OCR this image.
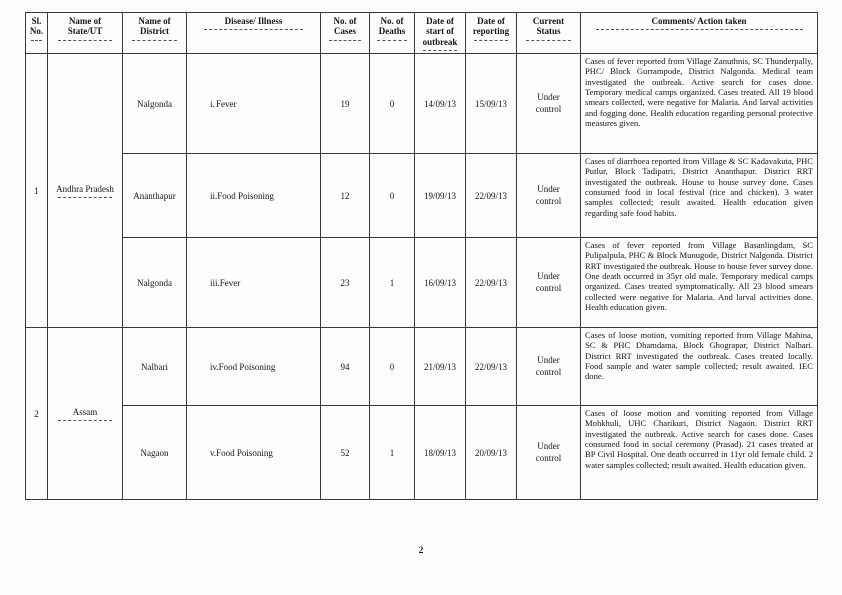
Sl. No.	Name of State/UT	Name of District	Disease/ Illness	No. of Cases	No. of Deaths	Date of start of outbreak	Date of reporting	Current Status	Comments/ Action taken

1	Andhra Pradesh	Nalgonda	i. Fever	19	0	14/09/13	15/09/13	Under control	Cases of fever reported from Village Zanuthnis, SC Thunderpally, PHC/ Block Gurrampode, District Nalgonda. Medical team investigated the outbreak. Active search for cases done. Temporary medical camps organized. Cases treated. All 19 blood smears collected, were negative for Malaria. And larval activities and fogging done. Health education regarding personal protective measures given.
		Ananthapur	ii. Food Poisoning	12	0	19/09/13	22/09/13	Under control	Cases of diarrhoea reported from Village & SC Kadavakuta, PHC Putlur, Block Tadipatri, District Ananthapur. District RRT investigated the outbreak. House to house survey done. Cases consumed food in local festival (rice and chicken). 3 water samples collected; result awaited. Health education given regarding safe food habits.
		Nalgonda	iii. Fever	23	1	16/09/13	22/09/13	Under control	Cases of fever reported from Village Basanlingdam, SC Pulipalpula, PHC & Block Munugode, District Nalgonda. District RRT investigated the outbreak. House to house fever survey done. One death occurred in 35yr old male. Temporary medical camps organized. Cases treated symptomatically. All 23 blood smears collected were negative for Malaria. And larval activities done. Health education given.
2	Assam	Nalbari	iv. Food Poisoning	94	0	21/09/13	22/09/13	Under control	Cases of loose motion, vomiting reported from Village Mahina, SC & PHC Dhamdama, Block Ghograpar, District Nalbari. District RRT investigated the outbreak. Cases treated locally. Food sample and water sample collected; result awaited. IEC done.
		Nagaon	v. Food Poisoning	52	1	18/09/13	20/09/13	Under control	Cases of loose motion and vomiting reported from Village Mohkhuli, UHC Charikuri, District Nagaon. District RRT investigated the outbreak. Active search for cases done. Cases consumed food in social ceremony (Prasad). 21 cases treated at BP Civil Hospital. One death occurred in 11yr old female child. 2 water samples collected; result awaited. Health education given.
2
